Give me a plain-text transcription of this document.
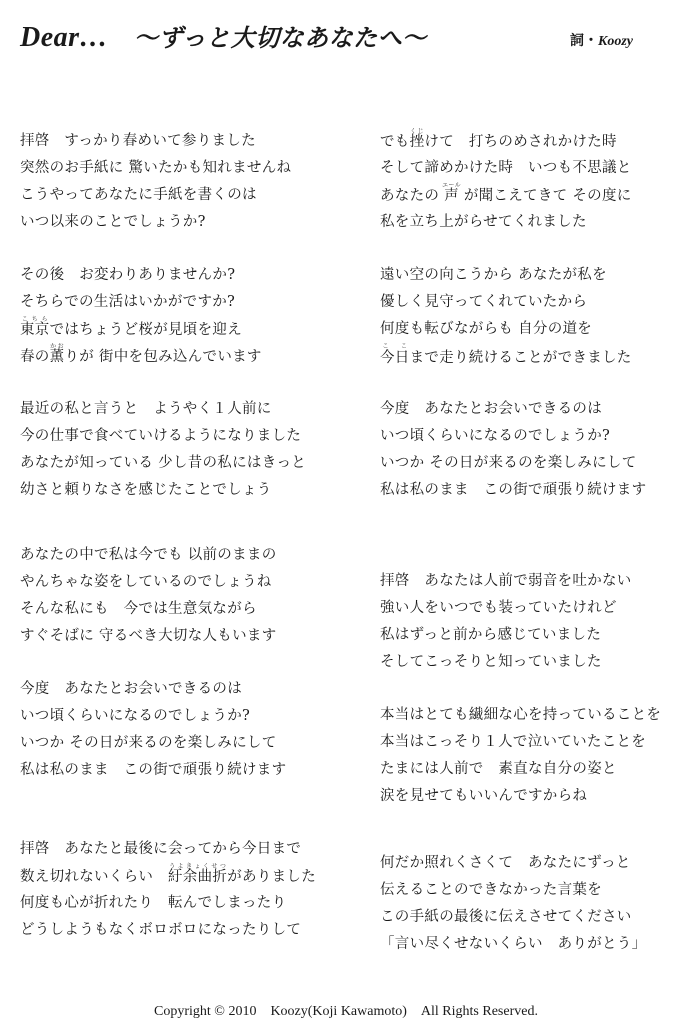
Dear… ～ずっと大切なあなたへ～	詞・Koozy
拝啓　すっかり春めいて参りました
突然のお手紙に 驚いたかも知れませんね
こうやってあなたに手紙を書くのは
いつ以来のことでしょうか?
その後　お変わりありませんか?
そちらでの生活はいかがですか?
東京こちらではちょうど桜が見頃を迎え
春の薫かおりが 街中を包み込んでいます
最近の私と言うと　ようやく１人前に
今の仕事で食べていけるようになりました
あなたが知っている 少し昔の私にはきっと
幼さと頼りなさを感じたことでしょう
あなたの中で私は今でも 以前のままの
やんちゃな姿をしているのでしょうね
そんな私にも　今では生意気ながら
すぐそばに 守るべき大切な人もいます
今度　あなたとお会いできるのは
いつ頃くらいになるのでしょうか?
いつか その日が来るのを楽しみにして
私は私のまま　この街で頑張り続けます
拝啓　あなたと最後に会ってから今日まで
数え切れないくらい　紆余曲折うよきょくせつがありました
何度も心が折れたり　転んでしまったり
どうしようもなくボロボロになったりして
でも挫くじけて　打ちのめされかけた時
そして諦めかけた時　いつも不思議と
あなたの 声エール が聞こえてきて その度に
私を立ち上がらせてくれました
遠い空の向こうから あなたが私を
優しく見守ってくれていたから
何度も転びながらも 自分の道を
今日こ こまで走り続けることができました
今度　あなたとお会いできるのは
いつ頃くらいになるのでしょうか?
いつか その日が来るのを楽しみにして
私は私のまま　この街で頑張り続けます
拝啓　あなたは人前で弱音を吐かない
強い人をいつでも装っていたけれど
私はずっと前から感じていました
そしてこっそりと知っていました
本当はとても繊細な心を持っていることを
本当はこっそり１人で泣いていたことを
たまには人前で　素直な自分の姿と
涙を見せてもいいんですからね
何だか照れくさくて　あなたにずっと
伝えることのできなかった言葉を
この手紙の最後に伝えさせてください
「言い尽くせないくらい　ありがとう」
Copyright © 2010　Koozy(Koji Kawamoto)　All Rights Reserved.
